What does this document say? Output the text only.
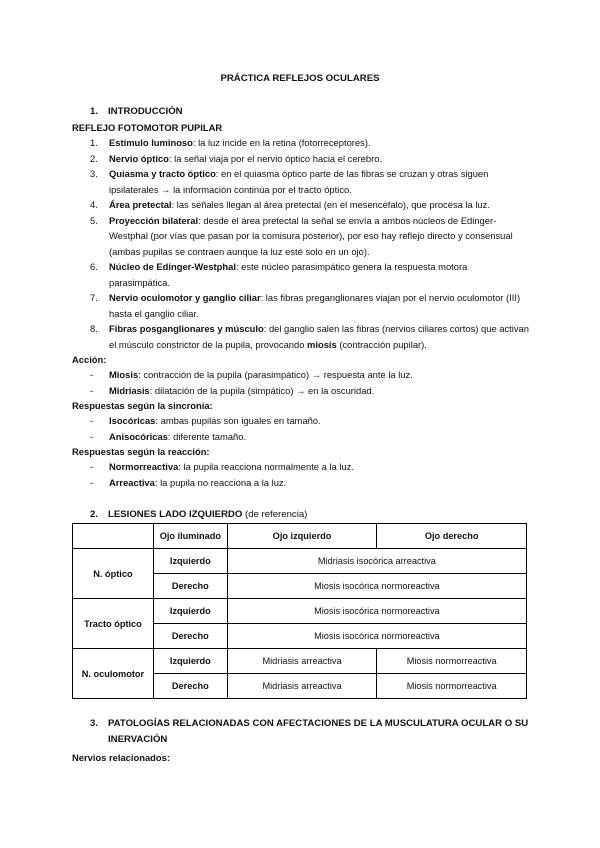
PRÁCTICA REFLEJOS OCULARES
1. INTRODUCCIÓN
REFLEJO FOTOMOTOR PUPILAR
1. Estímulo luminoso: la luz incide en la retina (fotorreceptores).
2. Nervio óptico: la señal viaja por el nervio óptico hacia el cerebro.
3. Quiasma y tracto óptico: en el quiasma óptico parte de las fibras se cruzan y otras siguen ipsilaterales → la información continúa por el tracto óptico.
4. Área pretectal: las señales llegan al área pretectal (en el mesencéfalo), que procesa la luz.
5. Proyección bilateral: desde el área pretectal la señal se envía a ambos núcleos de Edinger-Westphal (por vías que pasan por la comisura posterior), por eso hay reflejo directo y consensual (ambas pupilas se contraen aunque la luz esté solo en un ojo).
6. Núcleo de Edinger-Westphal: este núcleo parasimpático genera la respuesta motora parasimpática.
7. Nervio oculomotor y ganglio ciliar: las fibras preganglionares viajan por el nervio oculomotor (III) hasta el ganglio ciliar.
8. Fibras posganglionares y músculo: del ganglio salen las fibras (nervios ciliares cortos) que activan el músculo constrictor de la pupila, provocando miosis (contracción pupilar).
Acción:
- Miosis: contracción de la pupila (parasimpático) → respuesta ante la luz.
- Midriasis: dilatación de la pupila (simpático) → en la oscuridad.
Respuestas según la sincronía:
- Isocóricas: ambas pupilas son iguales en tamaño.
- Anisocóricas: diferente tamaño.
Respuestas según la reacción:
- Normorreactiva: la pupila reacciona normalmente a la luz.
- Arreactiva: la pupila no reacciona a la luz.
2. LESIONES LADO IZQUIERDO (de referencia)
	Ojo iluminado	Ojo izquierdo	Ojo derecho
N. óptico	Izquierdo	Midriasis isocórica arreactiva	
	Derecho	Miosis isocórica normoreactiva	
Tracto óptico	Izquierdo	Miosis isocórica normoreactiva	
	Derecho	Miosis isocórica normoreactiva	
N. oculomotor	Izquierdo	Midriasis arreactiva	Miosis normorreactiva
	Derecho	Midriasis arreactiva	Miosis normorreactiva
3. PATOLOGÍAS RELACIONADAS CON AFECTACIONES DE LA MUSCULATURA OCULAR O SU
INERVACIÓN
Nervios relacionados:
